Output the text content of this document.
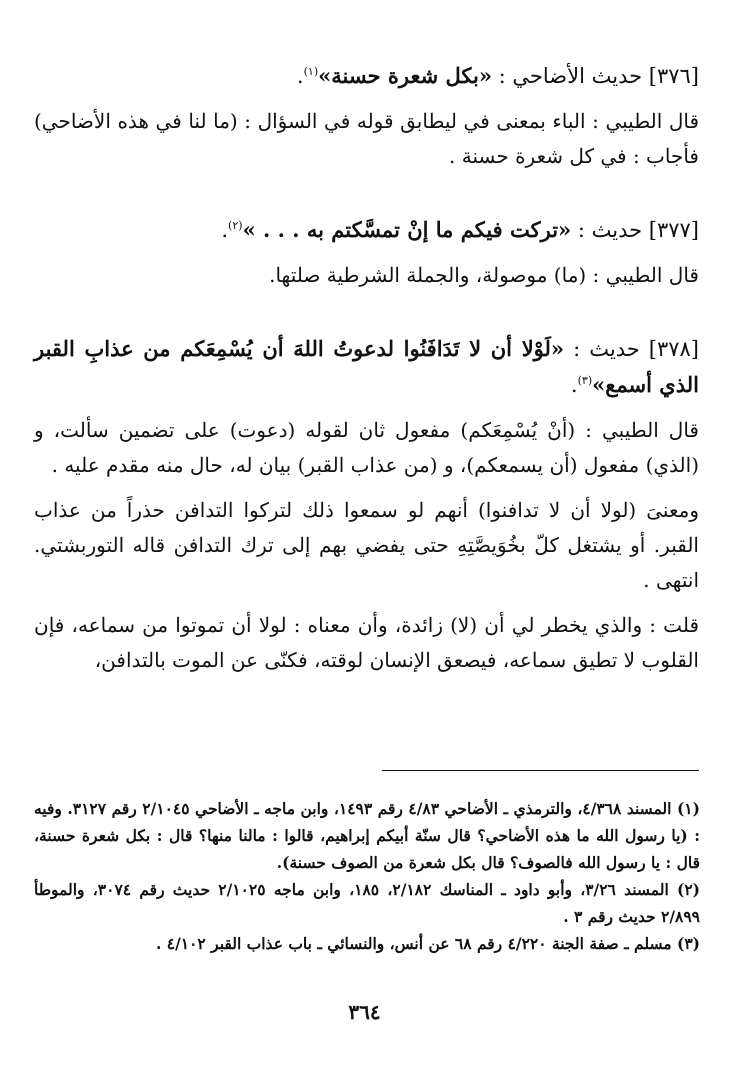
[٣٧٦] حديث الأضاحي : «بكل شعرة حسنة»$^{(١)}$.

قال الطيبي : الباء بمعنى في ليطابق قوله في السؤال : (ما لنا في هذه الأضاحي) فأجاب : في كل شعرة حسنة .

[٣٧٧] حديث : «تركت فيكم ما إنْ تمسَّكتم به . . . »$^{(٢)}$.

قال الطيبي : (ما) موصولة، والجملة الشرطية صلتها.

[٣٧٨] حديث : «لَوْلا أن لا تَدَافَنُوا لدعوتُ اللهَ أن يُسْمِعَكم من عذابِ القبر الذي أسمع»$^{(٣)}$.

قال الطيبي : (أنْ يُسْمِعَكم) مفعول ثان لقوله (دعوت) على تضمين سألت، و (الذي) مفعول (أن يسمعكم)، و (من عذاب القبر) بيان له، حال منه مقدم عليه .

ومعنىَ (لولا أن لا تدافنوا) أنهم لو سمعوا ذلك لتركوا التدافن حذراً من عذاب القبر. أو يشتغل كلّ بخُوَيصَّتِهِ حتى يفضي بهم إلى ترك التدافن قاله التوربشتي. انتهى .

قلت : والذي يخطر لي أن (لا) زائدة، وأن معناه : لولا أن تموتوا من سماعه، فإن القلوب لا تطيق سماعه، فيصعق الإنسان لوقته، فكنّى عن الموت بالتدافن،

(١) المسند ٤/٣٦٨، والترمذي ـ الأضاحي ٤/٨٣ رقم ١٤٩٣، وابن ماجه ـ الأضاحي ٢/١٠٤٥ رقم ٣١٢٧. وفيه : (يا رسول الله ما هذه الأضاحي؟ قال سنّة أبيكم إبراهيم، قالوا : مالنا منها؟ قال : بكل شعرة حسنة، قال : يا رسول الله فالصوف؟ قال بكل شعرة من الصوف حسنة).

(٢) المسند ٣/٢٦، وأبو داود ـ المناسك ٢/١٨٢، ١٨٥، وابن ماجه ٢/١٠٢٥ حديث رقم ٣٠٧٤، والموطأ ٢/٨٩٩ حديث رقم ٣ .

(٣) مسلم ـ صفة الجنة ٤/٢٢٠ رقم ٦٨ عن أنس، والنسائي ـ باب عذاب القبر ٤/١٠٢ .

٣٦٤
